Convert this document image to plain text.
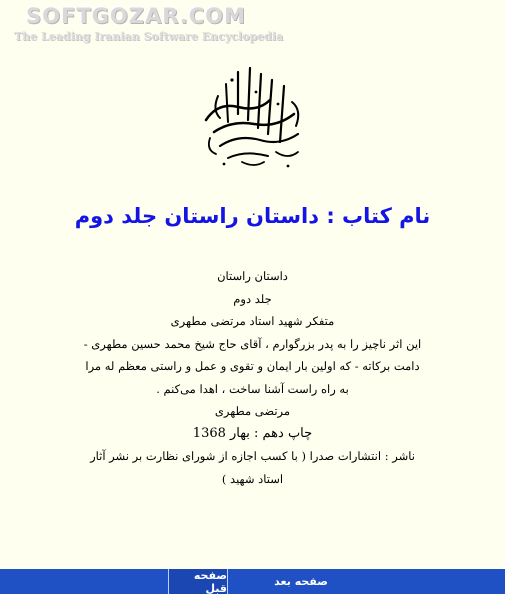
SOFTGOZAR.COM
The Leading Iranian Software Encyclopedia
نام کتاب : داستان راستان جلد دوم

داستان راستان

جلد دوم

متفکر شهید استاد مرتضی مطهری

این اثر ناچیز را به پدر بزرگوارم ، آقای حاج شیخ محمد حسین مطهری - دامت برکاته - که اولین بار ایمان و تقوی و عمل و راستی معظم له مرا به راه راست آشنا ساخت ، اهدا می‌کنم .

مرتضی مطهری

چاپ دهم : بهار 1368

ناشر : انتشارات صدرا ( با کسب اجازه از شورای نظارت بر نشر آثار استاد شهید )

صفحه بعد
صفحه قبل
